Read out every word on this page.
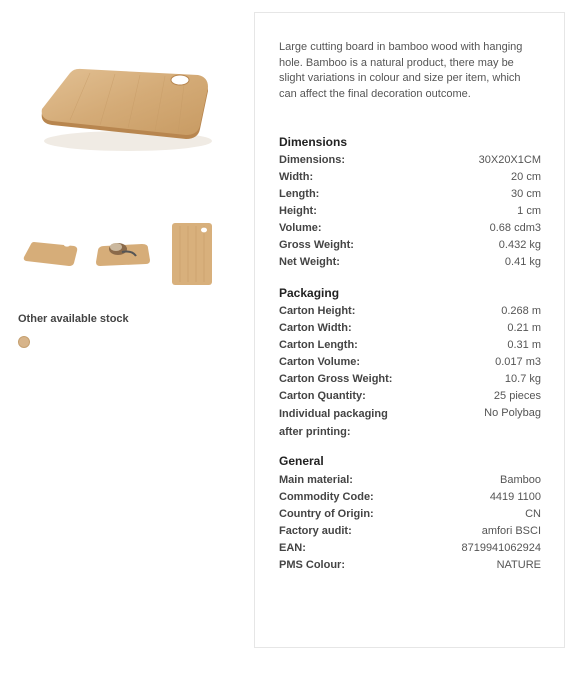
Other available stock
Large cutting board in bamboo wood with hanging hole. Bamboo is a natural product, there may be slight variations in colour and size per item, which can affect the final decoration outcome.
Dimensions
Packaging
General
Dimensions:	30X20X1CM
Width:	20 cm
Length:	30 cm
Height:	1 cm
Volume:	0.68 cdm3
Gross Weight:	0.432 kg
Net Weight:	0.41 kg
Carton Height:	0.268 m
Carton Width:	0.21 m
Carton Length:	0.31 m
Carton Volume:	0.017 m3
Carton Gross Weight:	10.7 kg
Carton Quantity:	25 pieces
Individual packaging after printing:
No Polybag
Main material:	Bamboo
Commodity Code:	4419 1100
Country of Origin:	CN
Factory audit:	amfori BSCI
EAN:	8719941062924
PMS Colour:	NATURE
